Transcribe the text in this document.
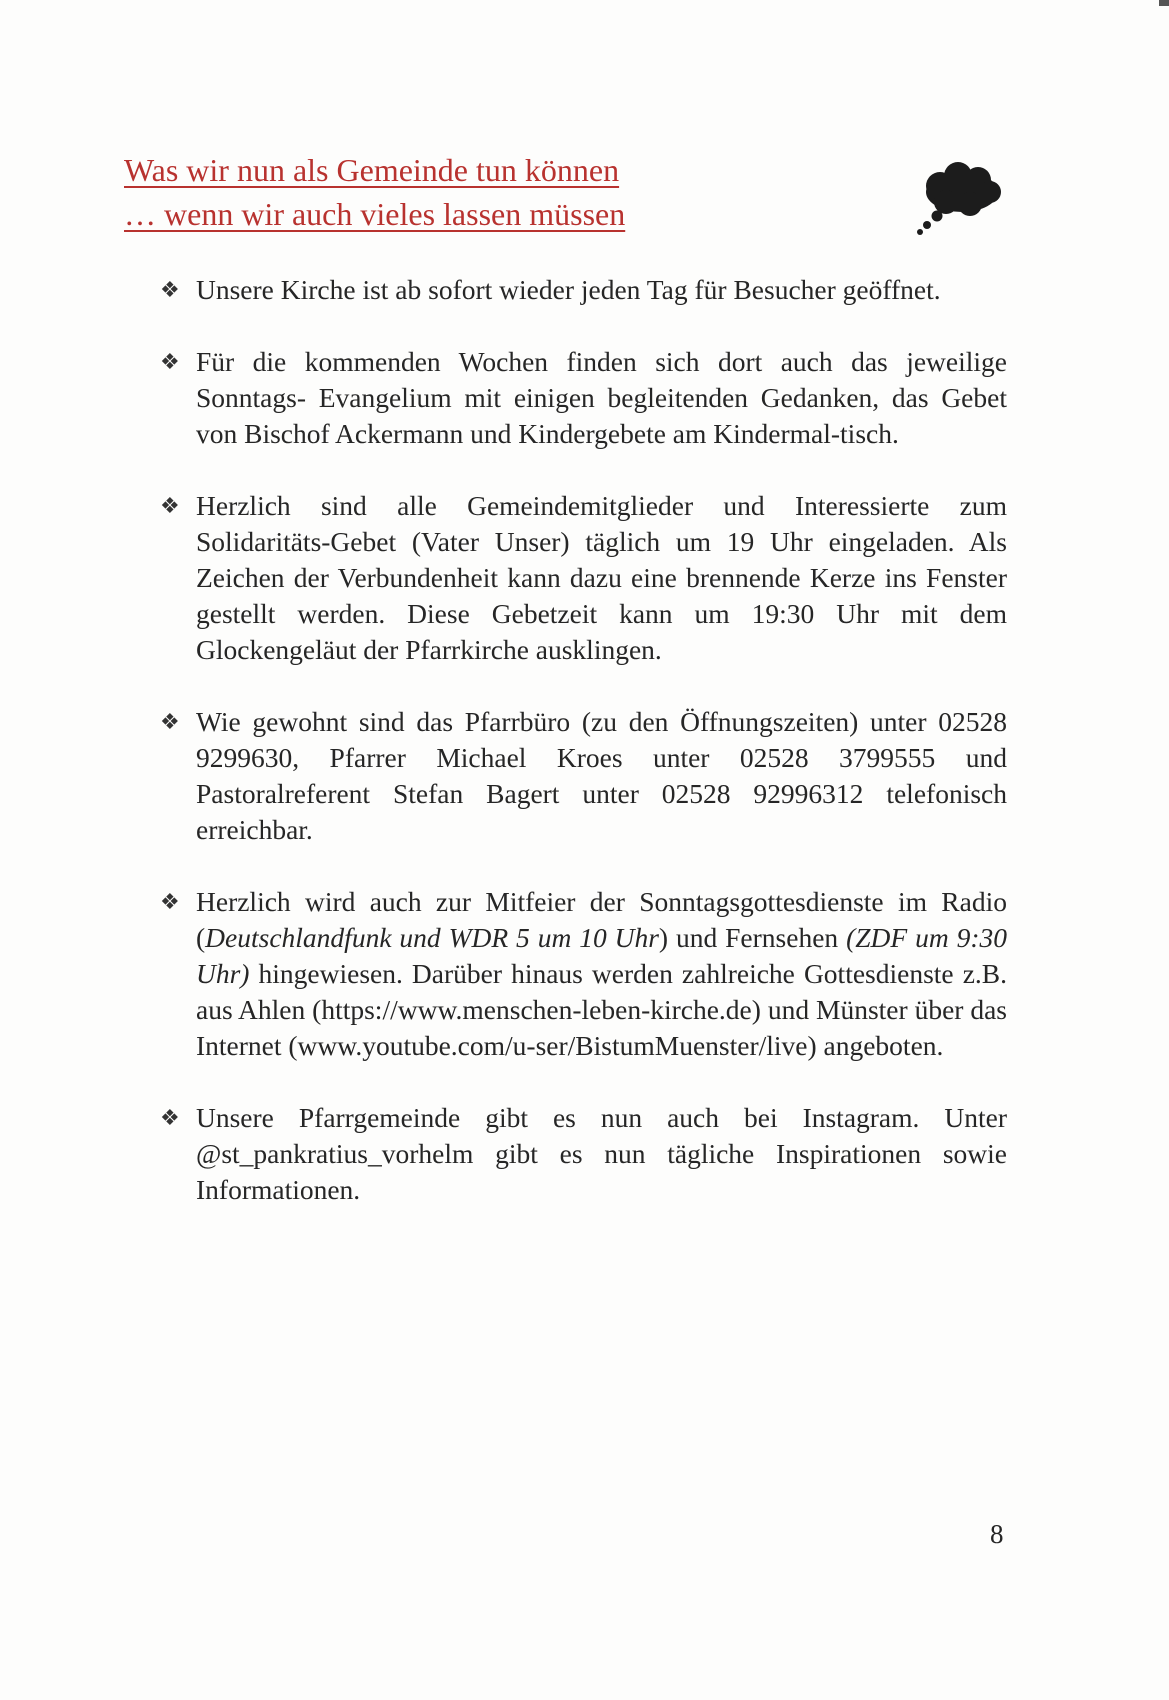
Was wir nun als Gemeinde tun können
… wenn wir auch vieles lassen müssen
❖ Unsere Kirche ist ab sofort wieder jeden Tag für Besucher geöffnet.
❖ Für die kommenden Wochen finden sich dort auch das jeweilige Sonntags- Evangelium mit einigen begleitenden Gedanken, das Gebet von Bischof Ackermann und Kindergebete am Kindermal-tisch.
❖ Herzlich sind alle Gemeindemitglieder und Interessierte zum Solidaritäts-Gebet (Vater Unser) täglich um 19 Uhr eingeladen. Als Zeichen der Verbundenheit kann dazu eine brennende Kerze ins Fenster gestellt werden. Diese Gebetzeit kann um 19:30 Uhr mit dem Glockengeläut der Pfarrkirche ausklingen.
❖ Wie gewohnt sind das Pfarrbüro (zu den Öffnungszeiten) unter 02528 9299630, Pfarrer Michael Kroes unter 02528 3799555 und Pastoralreferent Stefan Bagert unter 02528 92996312 telefonisch erreichbar.
❖ Herzlich wird auch zur Mitfeier der Sonntagsgottesdienste im Radio (Deutschlandfunk und WDR 5 um 10 Uhr) und Fernsehen (ZDF um 9:30 Uhr) hingewiesen. Darüber hinaus werden zahlreiche Gottesdienste z.B. aus Ahlen (https://www.menschen-leben-kirche.de) und Münster über das Internet (www.youtube.com/u-ser/BistumMuenster/live) angeboten.
❖ Unsere Pfarrgemeinde gibt es nun auch bei Instagram. Unter @st_pankratius_vorhelm gibt es nun tägliche Inspirationen sowie Informationen.
8
